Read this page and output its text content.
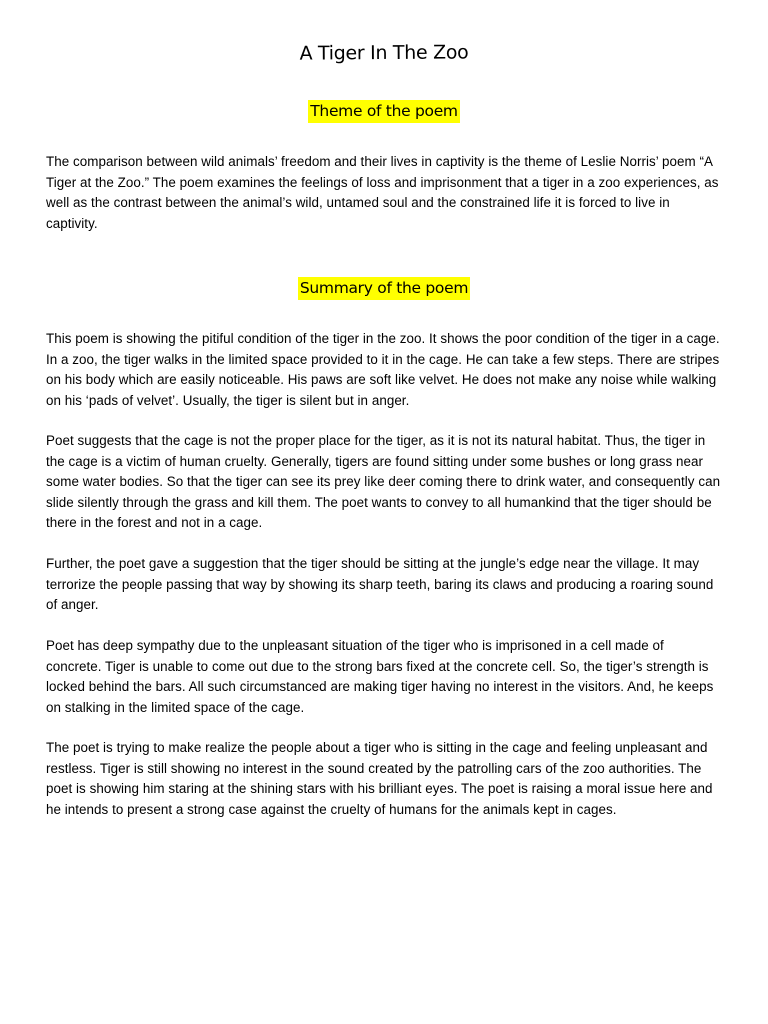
A Tiger In The Zoo
Theme of the poem

The comparison between wild animals’ freedom and their lives in captivity is the theme of Leslie Norris’ poem “A Tiger at the Zoo.” The poem examines the feelings of loss and imprisonment that a tiger in a zoo experiences, as well as the contrast between the animal’s wild, untamed soul and the constrained life it is forced to live in captivity.

Summary of the poem

This poem is showing the pitiful condition of the tiger in the zoo. It shows the poor condition of the tiger in a cage. In a zoo, the tiger walks in the limited space provided to it in the cage. He can take a few steps. There are stripes on his body which are easily noticeable. His paws are soft like velvet. He does not make any noise while walking on his ‘pads of velvet’. Usually, the tiger is silent but in anger.

Poet suggests that the cage is not the proper place for the tiger, as it is not its natural habitat. Thus, the tiger in the cage is a victim of human cruelty. Generally, tigers are found sitting under some bushes or long grass near some water bodies. So that the tiger can see its prey like deer coming there to drink water, and consequently can slide silently through the grass and kill them. The poet wants to convey to all humankind that the tiger should be there in the forest and not in a cage.

Further, the poet gave a suggestion that the tiger should be sitting at the jungle’s edge near the village. It may terrorize the people passing that way by showing its sharp teeth, baring its claws and producing a roaring sound of anger.

Poet has deep sympathy due to the unpleasant situation of the tiger who is imprisoned in a cell made of concrete. Tiger is unable to come out due to the strong bars fixed at the concrete cell. So, the tiger’s strength is locked behind the bars. All such circumstanced are making tiger having no interest in the visitors. And, he keeps on stalking in the limited space of the cage.

The poet is trying to make realize the people about a tiger who is sitting in the cage and feeling unpleasant and restless. Tiger is still showing no interest in the sound created by the patrolling cars of the zoo authorities. The poet is showing him staring at the shining stars with his brilliant eyes. The poet is raising a moral issue here and he intends to present a strong case against the cruelty of humans for the animals kept in cages.
